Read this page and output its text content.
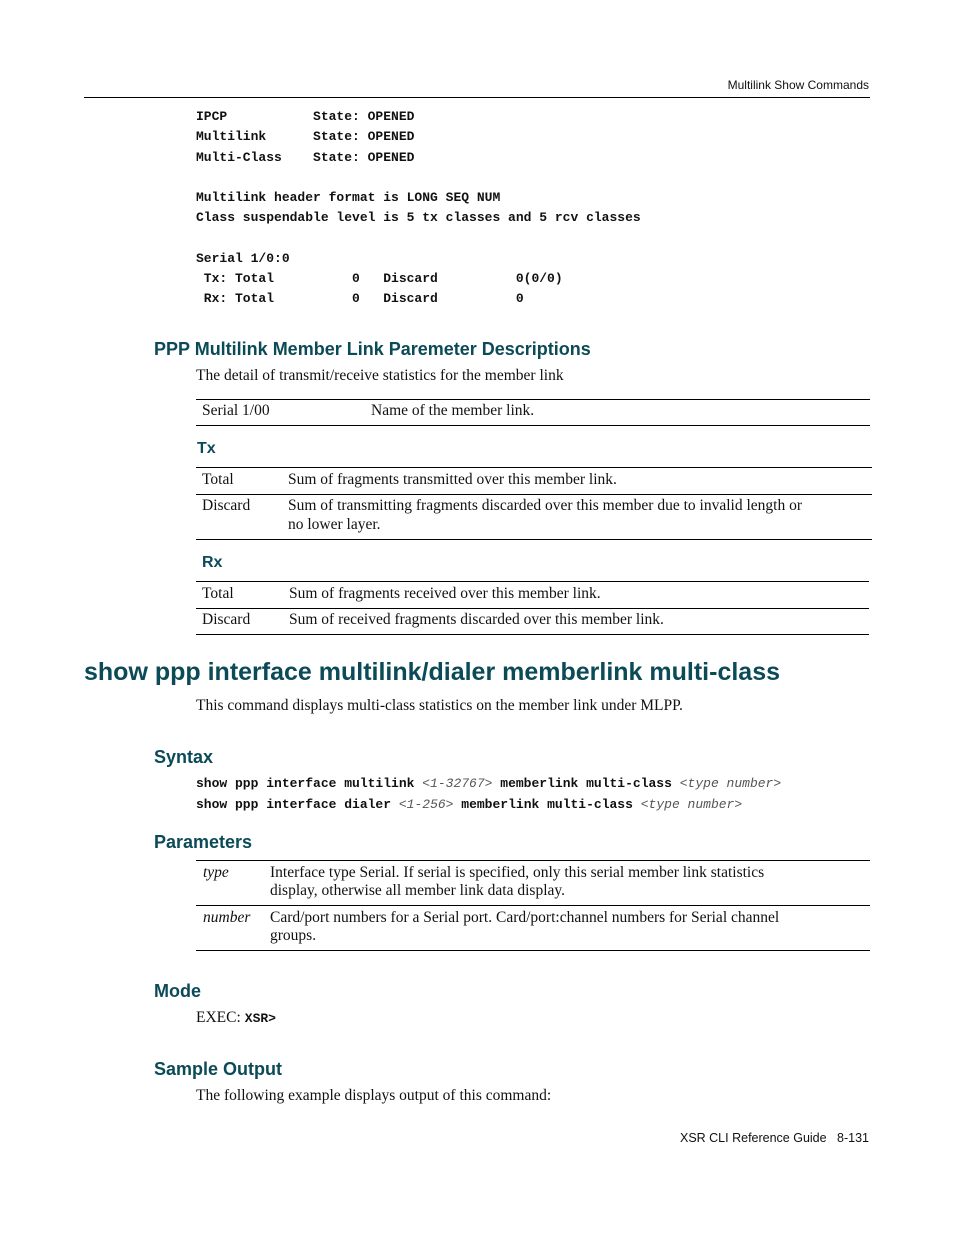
Multilink Show Commands
IPCP           State: OPENED
Multilink      State: OPENED
Multi-Class    State: OPENED
Multilink header format is LONG SEQ NUM
Class suspendable level is 5 tx classes and 5 rcv classes
Serial 1/0:0
Tx: Total          0   Discard          0(0/0)
Rx: Total          0   Discard          0
PPP Multilink Member Link Paremeter Descriptions
The detail of transmit/receive statistics for the member link
Serial 1/00	Name of the member link.
Tx
Total	Sum of fragments transmitted over this member link.
Discard Sum of transmitting fragments discarded over this member due to invalid length or
no lower layer.
Rx
Total	Sum of fragments received over this member link.
Discard	Sum of received fragments discarded over this member link.
show ppp interface multilink/dialer memberlink multi-class
This command displays multi-class statistics on the member link under MLPP.
Syntax
show ppp interface multilink <1-32767> memberlink multi-class <type number>
show ppp interface dialer <1-256> memberlink multi-class <type number>
Parameters
type	Interface type Serial. If serial is specified, only this serial member link statistics
display, otherwise all member link data display.
number Card/port numbers for a Serial port. Card/port:channel numbers for Serial channel
groups.
Mode
EXEC: XSR>
Sample Output
The following example displays output of this command:
XSR CLI Reference Guide 8-131
